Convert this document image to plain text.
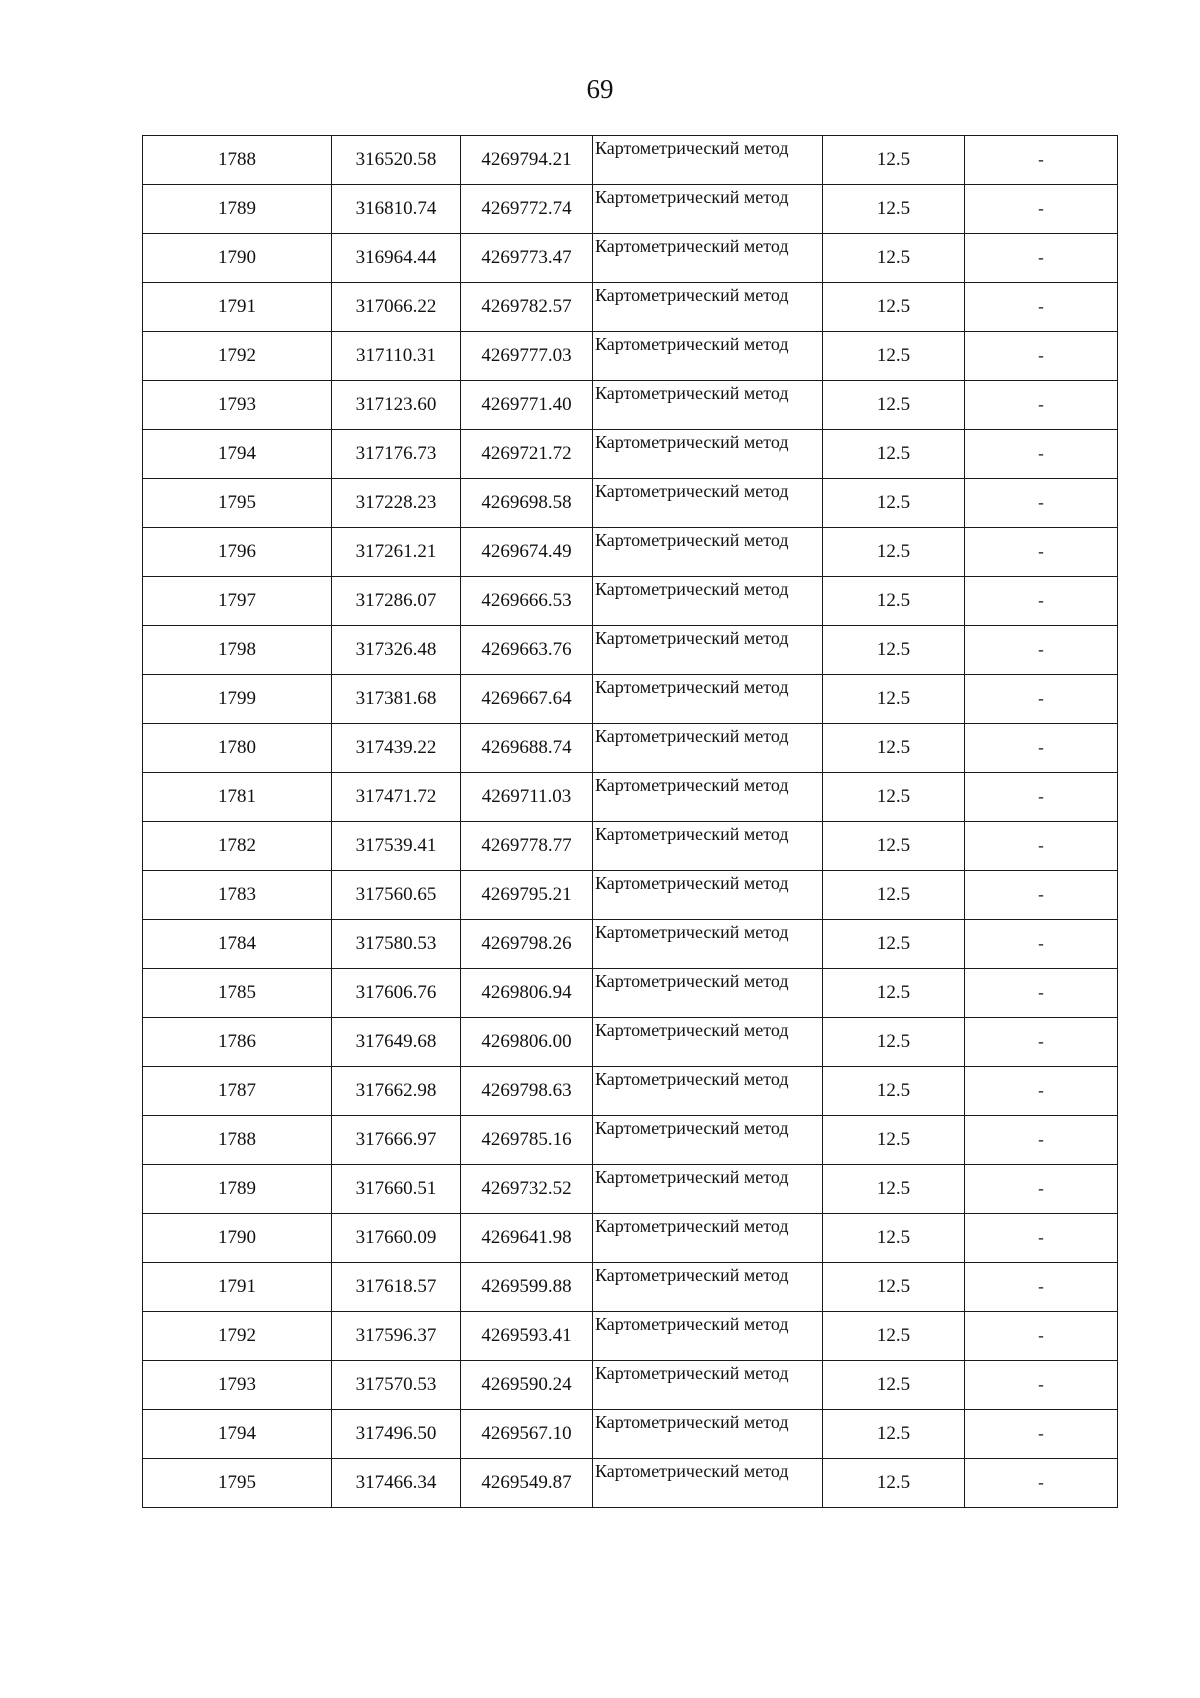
69
1788	316520.58	4269794.21	Картометрический метод	12.5	-
1789	316810.74	4269772.74	Картометрический метод	12.5	-
1790	316964.44	4269773.47	Картометрический метод	12.5	-
1791	317066.22	4269782.57	Картометрический метод	12.5	-
1792	317110.31	4269777.03	Картометрический метод	12.5	-
1793	317123.60	4269771.40	Картометрический метод	12.5	-
1794	317176.73	4269721.72	Картометрический метод	12.5	-
1795	317228.23	4269698.58	Картометрический метод	12.5	-
1796	317261.21	4269674.49	Картометрический метод	12.5	-
1797	317286.07	4269666.53	Картометрический метод	12.5	-
1798	317326.48	4269663.76	Картометрический метод	12.5	-
1799	317381.68	4269667.64	Картометрический метод	12.5	-
1780	317439.22	4269688.74	Картометрический метод	12.5	-
1781	317471.72	4269711.03	Картометрический метод	12.5	-
1782	317539.41	4269778.77	Картометрический метод	12.5	-
1783	317560.65	4269795.21	Картометрический метод	12.5	-
1784	317580.53	4269798.26	Картометрический метод	12.5	-
1785	317606.76	4269806.94	Картометрический метод	12.5	-
1786	317649.68	4269806.00	Картометрический метод	12.5	-
1787	317662.98	4269798.63	Картометрический метод	12.5	-
1788	317666.97	4269785.16	Картометрический метод	12.5	-
1789	317660.51	4269732.52	Картометрический метод	12.5	-
1790	317660.09	4269641.98	Картометрический метод	12.5	-
1791	317618.57	4269599.88	Картометрический метод	12.5	-
1792	317596.37	4269593.41	Картометрический метод	12.5	-
1793	317570.53	4269590.24	Картометрический метод	12.5	-
1794	317496.50	4269567.10	Картометрический метод	12.5	-
1795	317466.34	4269549.87	Картометрический метод	12.5	-
